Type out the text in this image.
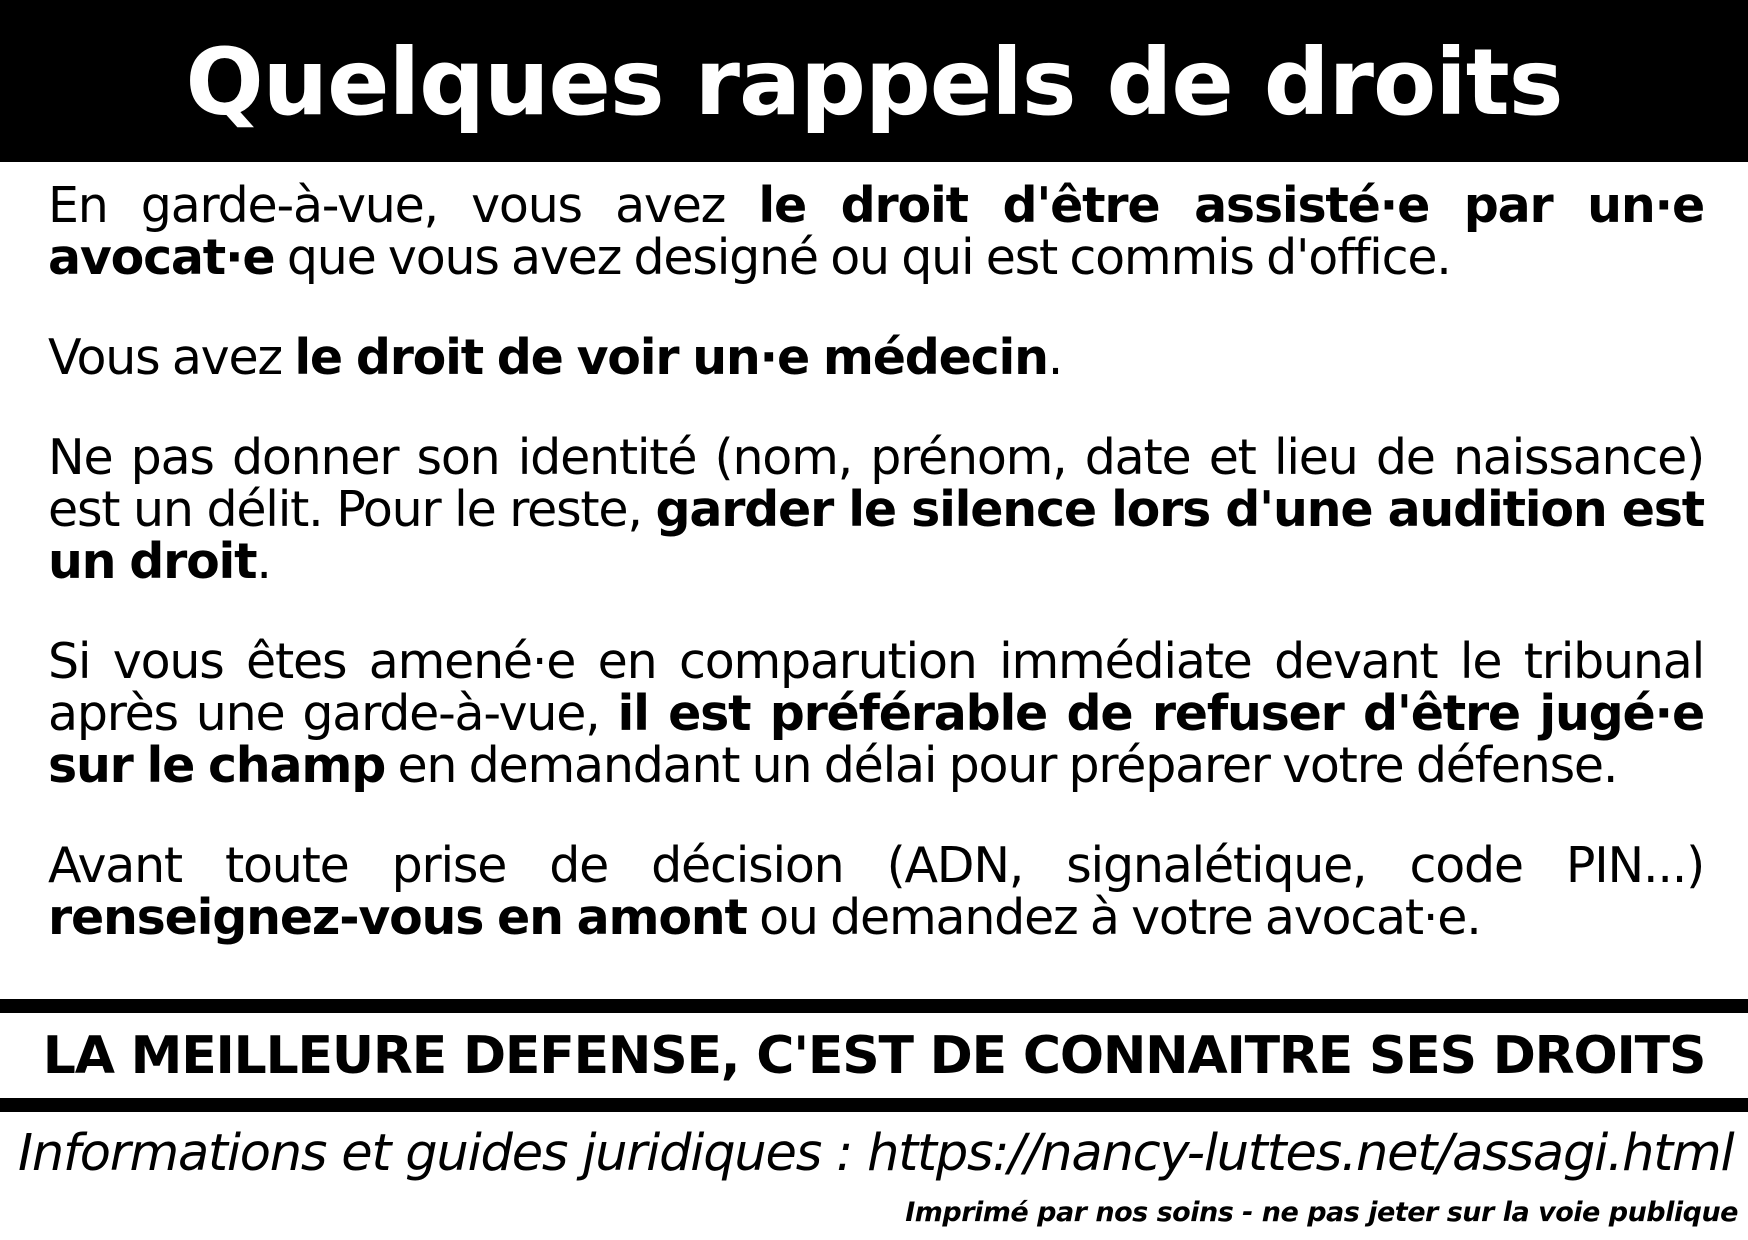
Quelques rappels de droits

En garde-à-vue, vous avez le droit d'être assisté·e par un·e avocat·e que vous avez designé ou qui est commis d'office.

Vous avez le droit de voir un·e médecin.

Ne pas donner son identité (nom, prénom, date et lieu de naissance) est un délit. Pour le reste, garder le silence lors d'une audition est un droit.

Si vous êtes amené·e en comparution immédiate devant le tribunal après une garde-à-vue, il est préférable de refuser d'être jugé·e sur le champ en demandant un délai pour préparer votre défense.

Avant toute prise de décision (ADN, signalétique, code PIN...) renseignez-vous en amont ou demandez à votre avocat·e.

LA MEILLEURE DEFENSE, C'EST DE CONNAITRE SES DROITS
Informations et guides juridiques : https://nancy-luttes.net/assagi.html
Imprimé par nos soins - ne pas jeter sur la voie publique
